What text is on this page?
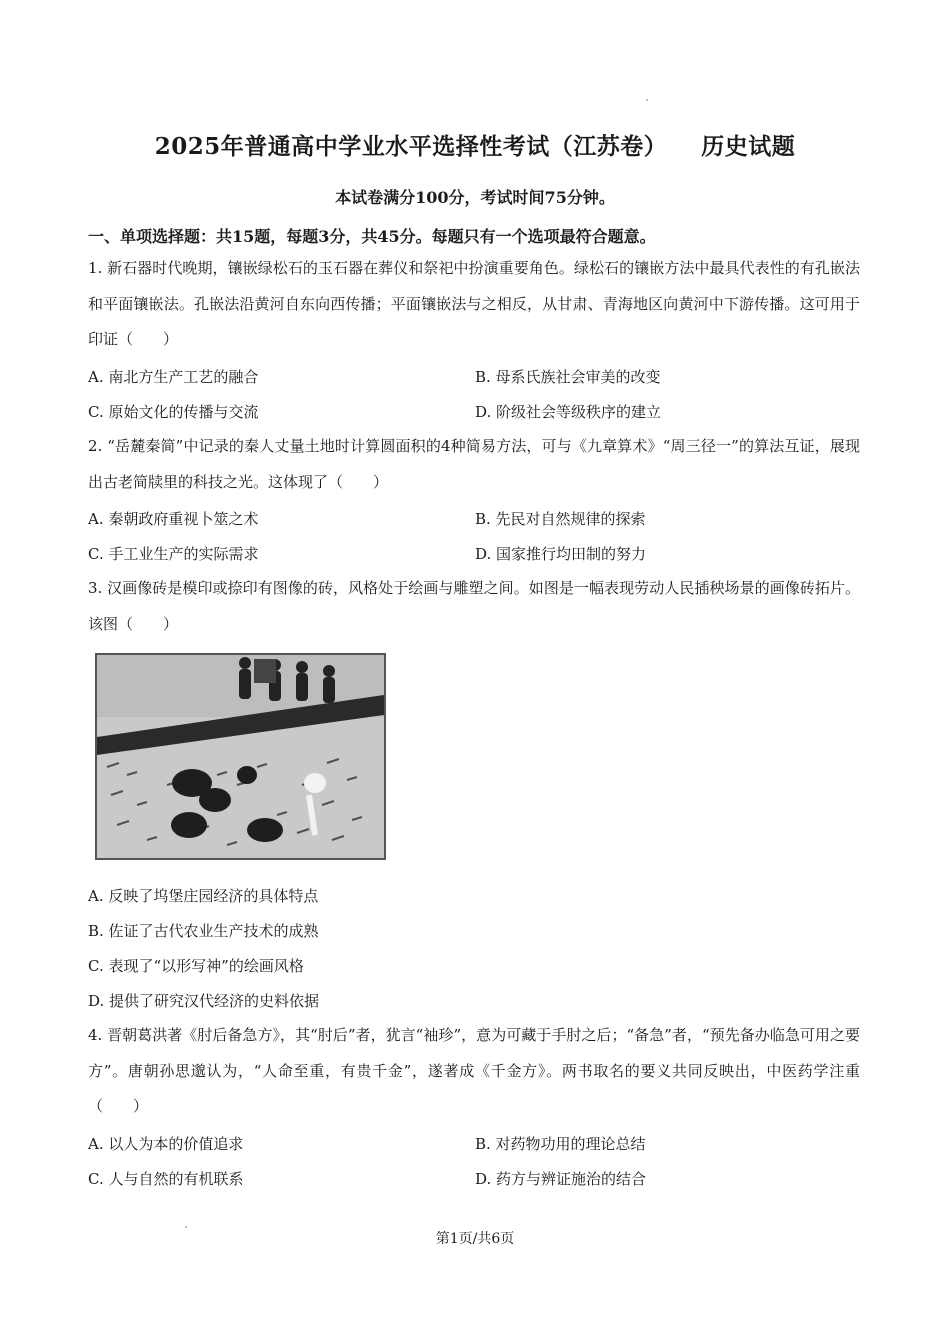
2025年普通高中学业水平选择性考试（江苏卷） 历史试题
本试卷满分100分，考试时间75分钟。
一、单项选择题：共15题，每题3分，共45分。每题只有一个选项最符合题意。
1. 新石器时代晚期，镶嵌绿松石的玉石器在葬仪和祭祀中扮演重要角色。绿松石的镶嵌方法中最具代表性的有孔嵌法和平面镶嵌法。孔嵌法沿黄河自东向西传播；平面镶嵌法与之相反，从甘肃、青海地区向黄河中下游传播。这可用于印证（　　）
A. 南北方生产工艺的融合	B. 母系氏族社会审美的改变
C. 原始文化的传播与交流	D. 阶级社会等级秩序的建立
2. “岳麓秦简”中记录的秦人丈量土地时计算圆面积的4种简易方法，可与《九章算术》“周三径一”的算法互证，展现出古老简牍里的科技之光。这体现了（　　）
A. 秦朝政府重视卜筮之术	B. 先民对自然规律的探索
C. 手工业生产的实际需求	D. 国家推行均田制的努力
3. 汉画像砖是模印或捺印有图像的砖，风格处于绘画与雕塑之间。如图是一幅表现劳动人民插秧场景的画像砖拓片。该图（　　）
A. 反映了坞堡庄园经济的具体特点
B. 佐证了古代农业生产技术的成熟
C. 表现了“以形写神”的绘画风格
D. 提供了研究汉代经济的史料依据
4. 晋朝葛洪著《肘后备急方》，其“肘后”者，犹言“袖珍”，意为可藏于手肘之后；“备急”者，“预先备办临急可用之要方”。唐朝孙思邈认为，“人命至重，有贵千金”，遂著成《千金方》。两书取名的要义共同反映出，中医药学注重（　　）
A. 以人为本的价值追求	B. 对药物功用的理论总结
C. 人与自然的有机联系	D. 药方与辨证施治的结合
第1页/共6页
